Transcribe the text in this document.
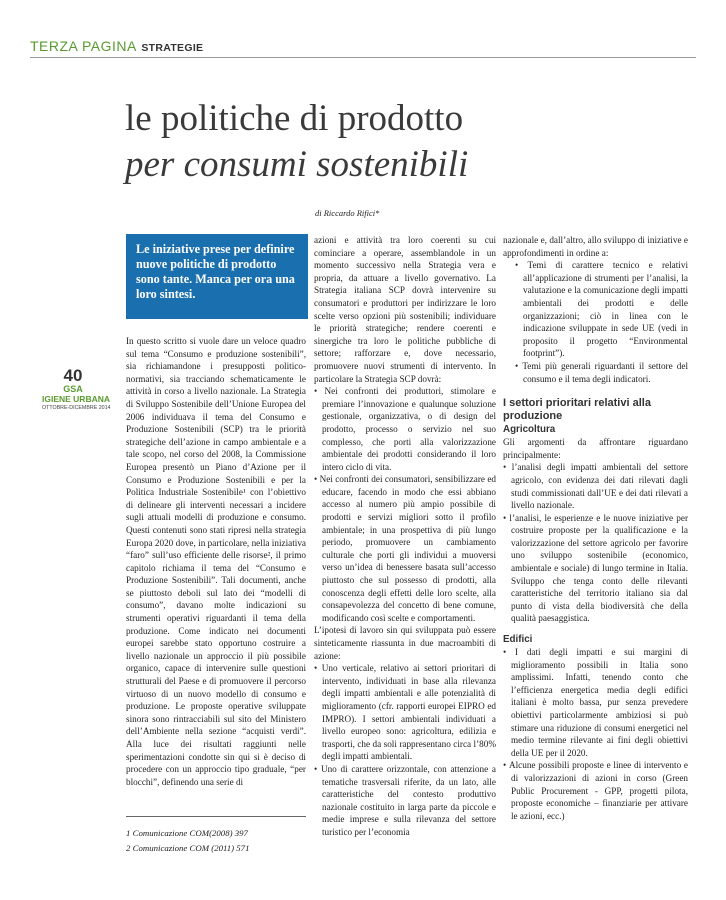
TERZA PAGINA STRATEGIE
le politiche di prodotto
per consumi sostenibili
di Riccardo Rifici*

Le iniziative prese per definire nuove politiche di prodotto sono tante. Manca per ora una loro sintesi.

40
GSA
IGIENE URBANA
OTTOBRE-DICEMBRE 2014

In questo scritto si vuole dare un veloce quadro sul tema “Consumo e produzione sostenibili”, sia richiamandone i presupposti politico-normativi, sia tracciando schematicamente le attività in corso a livello nazionale. La Strategia di Sviluppo Sostenibile dell’Unione Europea del 2006 individuava il tema del Consumo e Produzione Sostenibili (SCP) tra le priorità strategiche dell’azione in campo ambientale e a tale scopo, nel corso del 2008, la Commissione Europea presentò un Piano d’Azione per il Consumo e Produzione Sostenibili e per la Politica Industriale Sostenibile¹ con l’obiettivo di delineare gli interventi necessari a incidere sugli attuali modelli di produzione e consumo. Questi contenuti sono stati ripresi nella strategia Europa 2020 dove, in particolare, nella iniziativa “faro” sull’uso efficiente delle risorse², il primo capitolo richiama il tema del “Consumo e Produzione Sostenibili”. Tali documenti, anche se piuttosto deboli sul lato dei “modelli di consumo”, davano molte indicazioni su strumenti operativi riguardanti il tema della produzione. Come indicato nei documenti europei sarebbe stato opportuno costruire a livello nazionale un approccio il più possibile organico, capace di intervenire sulle questioni strutturali del Paese e di promuovere il percorso virtuoso di un nuovo modello di consumo e produzione. Le proposte operative sviluppate sinora sono rintracciabili sul sito del Ministero dell’Ambiente nella sezione “acquisti verdi”. Alla luce dei risultati raggiunti nelle sperimentazioni condotte sin qui si è deciso di procedere con un approccio tipo graduale, “per blocchi”, definendo una serie di

azioni e attività tra loro coerenti su cui cominciare a operare, assemblandole in un momento successivo nella Strategia vera e propria, da attuare a livello governativo. La Strategia italiana SCP dovrà intervenire su consumatori e produttori per indirizzare le loro scelte verso opzioni più sostenibili; individuare le priorità strategiche; rendere coerenti e sinergiche tra loro le politiche pubbliche di settore; rafforzare e, dove necessario, promuovere nuovi strumenti di intervento. In particolare la Strategia SCP dovrà:

• Nei confronti dei produttori, stimolare e premiare l’innovazione e qualunque soluzione gestionale, organizzativa, o di design del prodotto, processo o servizio nel suo complesso, che porti alla valorizzazione ambientale dei prodotti considerando il loro intero ciclo di vita.
• Nei confronti dei consumatori, sensibilizzare ed educare, facendo in modo che essi abbiano accesso al numero più ampio possibile di prodotti e servizi migliori sotto il profilo ambientale; in una prospettiva di più lungo periodo, promuovere un cambiamento culturale che porti gli individui a muoversi verso un’idea di benessere basata sull’accesso piuttosto che sul possesso di prodotti, alla conoscenza degli effetti delle loro scelte, alla consapevolezza del concetto di bene comune, modificando così scelte e comportamenti.

L’ipotesi di lavoro sin qui sviluppata può essere sinteticamente riassunta in due macroambiti di azione:

• Uno verticale, relativo ai settori prioritari di intervento, individuati in base alla rilevanza degli impatti ambientali e alle potenzialità di miglioramento (cfr. rapporti europei EIPRO ed IMPRO). I settori ambientali individuati a livello europeo sono: agricoltura, edilizia e trasporti, che da soli rappresentano circa l’80% degli impatti ambientali.
• Uno di carattere orizzontale, con attenzione a tematiche trasversali riferite, da un lato, alle caratteristiche del contesto produttivo nazionale costituito in larga parte da piccole e medie imprese e sulla rilevanza del settore turistico per l’economia

nazionale e, dall’altro, allo sviluppo di iniziative e approfondimenti in ordine a:

• Temi di carattere tecnico e relativi all’applicazione di strumenti per l’analisi, la valutazione e la comunicazione degli impatti ambientali dei prodotti e delle organizzazioni; ciò in linea con le indicazione sviluppate in sede UE (vedi in proposito il progetto “Environmental footprint”).
• Temi più generali riguardanti il settore del consumo e il tema degli indicatori.
I settori prioritari relativi alla produzione
Agricoltura

Gli argomenti da affrontare riguardano principalmente:

• l’analisi degli impatti ambientali del settore agricolo, con evidenza dei dati rilevati dagli studi commissionati dall’UE e dei dati rilevati a livello nazionale.
• l’analisi, le esperienze e le nuove iniziative per costruire proposte per la qualificazione e la valorizzazione del settore agricolo per favorire uno sviluppo sostenibile (economico, ambientale e sociale) di lungo termine in Italia. Sviluppo che tenga conto delle rilevanti caratteristiche del territorio italiano sia dal punto di vista della biodiversità che della qualità paesaggistica.
Edifici
• I dati degli impatti e sui margini di miglioramento possibili in Italia sono amplissimi. Infatti, tenendo conto che l’efficienza energetica media degli edifici italiani è molto bassa, pur senza prevedere obiettivi particolarmente ambiziosi si può stimare una riduzione di consumi energetici nel medio termine rilevante ai fini degli obiettivi della UE per il 2020.
• Alcune possibili proposte e linee di intervento e di valorizzazioni di azioni in corso (Green Public Procurement - GPP, progetti pilota, proposte economiche – finanziarie per attivare le azioni, ecc.)
1 Comunicazione COM(2008) 397
2 Comunicazione COM (2011) 571
